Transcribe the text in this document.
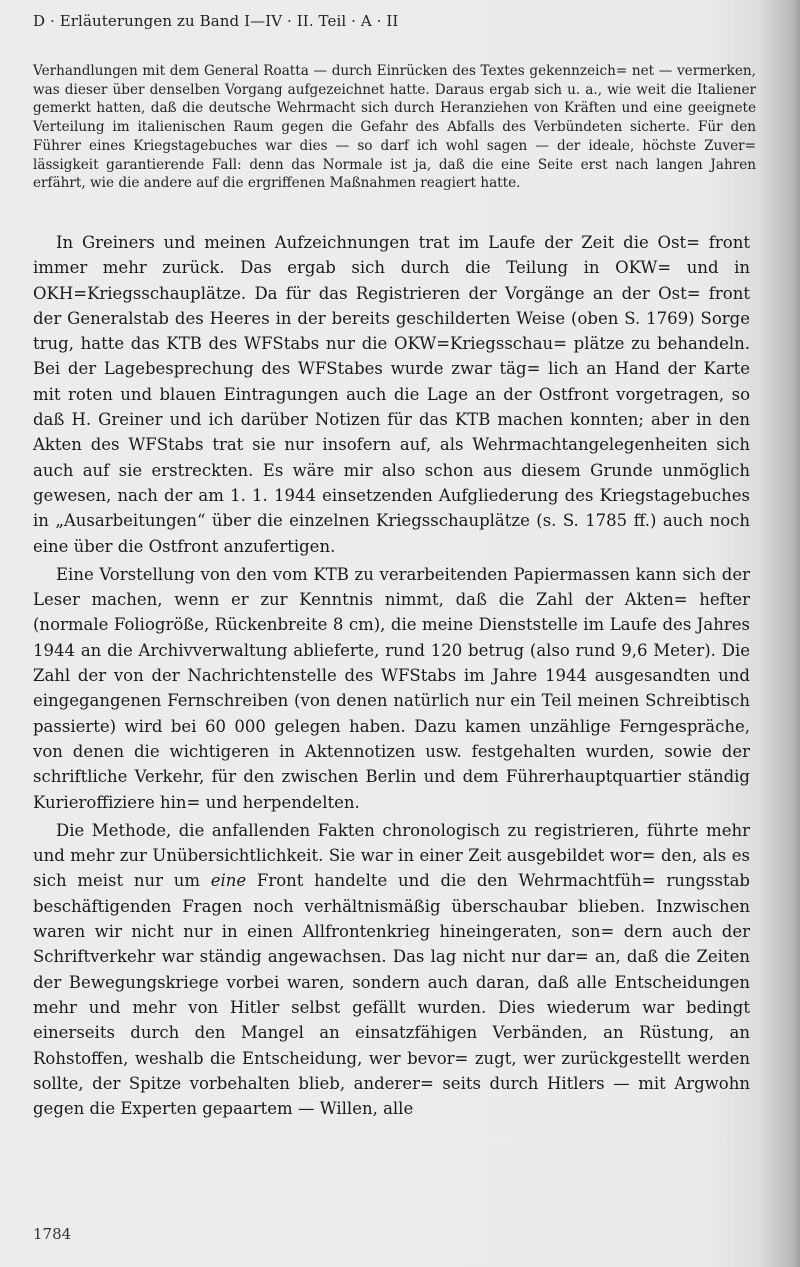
D · Erläuterungen zu Band I—IV · II. Teil · A · II
Verhandlungen mit dem General Roatta — durch Einrücken des Textes gekennzeich= net — vermerken, was dieser über denselben Vorgang aufgezeichnet hatte. Daraus ergab sich u. a., wie weit die Italiener gemerkt hatten, daß die deutsche Wehrmacht sich durch Heranziehen von Kräften und eine geeignete Verteilung im italienischen Raum gegen die Gefahr des Abfalls des Verbündeten sicherte. Für den Führer eines Kriegstagebuches war dies — so darf ich wohl sagen — der ideale, höchste Zuver= lässigkeit garantierende Fall: denn das Normale ist ja, daß die eine Seite erst nach langen Jahren erfährt, wie die andere auf die ergriffenen Maßnahmen reagiert hatte.

In Greiners und meinen Aufzeichnungen trat im Laufe der Zeit die Ost= front immer mehr zurück. Das ergab sich durch die Teilung in OKW= und in OKH=Kriegsschauplätze. Da für das Registrieren der Vorgänge an der Ost= front der Generalstab des Heeres in der bereits geschilderten Weise (oben S. 1769) Sorge trug, hatte das KTB des WFStabs nur die OKW=Kriegsschau= plätze zu behandeln. Bei der Lagebesprechung des WFStabes wurde zwar täg= lich an Hand der Karte mit roten und blauen Eintragungen auch die Lage an der Ostfront vorgetragen, so daß H. Greiner und ich darüber Notizen für das KTB machen konnten; aber in den Akten des WFStabs trat sie nur insofern auf, als Wehrmachtangelegenheiten sich auch auf sie erstreckten. Es wäre mir also schon aus diesem Grunde unmöglich gewesen, nach der am 1. 1. 1944 einsetzenden Aufgliederung des Kriegstagebuches in „Ausarbeitungen“ über die einzelnen Kriegsschauplätze (s. S. 1785 ff.) auch noch eine über die Ostfront anzufertigen.

Eine Vorstellung von den vom KTB zu verarbeitenden Papiermassen kann sich der Leser machen, wenn er zur Kenntnis nimmt, daß die Zahl der Akten= hefter (normale Foliogröße, Rückenbreite 8 cm), die meine Dienststelle im Laufe des Jahres 1944 an die Archivverwaltung ablieferte, rund 120 betrug (also rund 9,6 Meter). Die Zahl der von der Nachrichtenstelle des WFStabs im Jahre 1944 ausgesandten und eingegangenen Fernschreiben (von denen natürlich nur ein Teil meinen Schreibtisch passierte) wird bei 60 000 gelegen haben. Dazu kamen unzählige Ferngespräche, von denen die wichtigeren in Aktennotizen usw. festgehalten wurden, sowie der schriftliche Verkehr, für den zwischen Berlin und dem Führerhauptquartier ständig Kurieroffiziere hin= und herpendelten.

Die Methode, die anfallenden Fakten chronologisch zu registrieren, führte mehr und mehr zur Unübersichtlichkeit. Sie war in einer Zeit ausgebildet wor= den, als es sich meist nur um eine Front handelte und die den Wehrmachtfüh= rungsstab beschäftigenden Fragen noch verhältnismäßig überschaubar blieben. Inzwischen waren wir nicht nur in einen Allfrontenkrieg hineingeraten, son= dern auch der Schriftverkehr war ständig angewachsen. Das lag nicht nur dar= an, daß die Zeiten der Bewegungskriege vorbei waren, sondern auch daran, daß alle Entscheidungen mehr und mehr von Hitler selbst gefällt wurden. Dies wiederum war bedingt einerseits durch den Mangel an einsatzfähigen Verbänden, an Rüstung, an Rohstoffen, weshalb die Entscheidung, wer bevor= zugt, wer zurückgestellt werden sollte, der Spitze vorbehalten blieb, anderer= seits durch Hitlers — mit Argwohn gegen die Experten gepaartem — Willen, alle

1784
